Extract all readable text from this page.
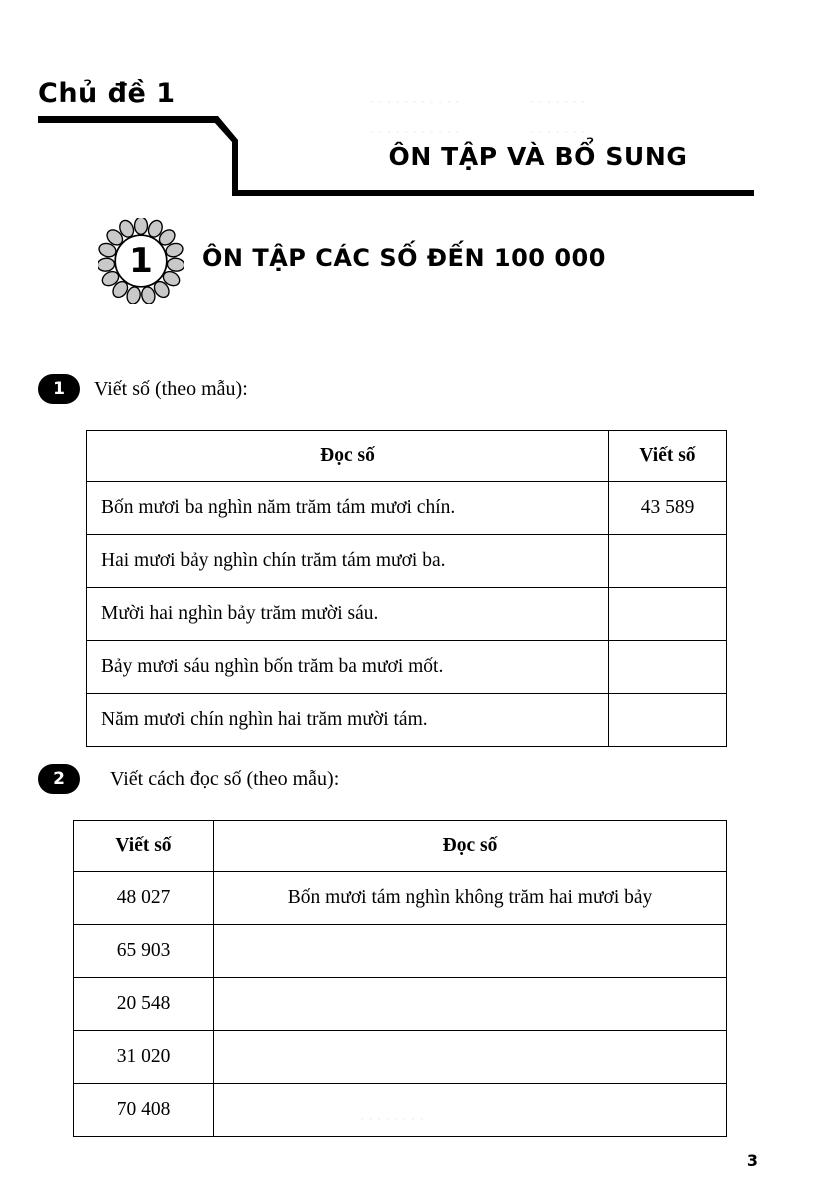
. . . . . . . . . . .
. . . . . . . . . . .
. . . . . . .
. . . . . . .
Chủ đề 1
ÔN TẬP VÀ BỔ SUNG
1	ÔN TẬP CÁC SỐ ĐẾN 100 000
1	Viết số (theo mẫu):
Đọc số	Viết số
Bốn mươi ba nghìn năm trăm tám mươi chín.	43 589
Hai mươi bảy nghìn chín trăm tám mươi ba.	
Mười hai nghìn bảy trăm mười sáu.	
Bảy mươi sáu nghìn bốn trăm ba mươi mốt.	
Năm mươi chín nghìn hai trăm mười tám.	
2	Viết cách đọc số (theo mẫu):
Viết số	Đọc số
48 027	Bốn mươi tám nghìn không trăm hai mươi bảy
65 903	
20 548	
31 020	
70 408		. . . . . . . .
3
